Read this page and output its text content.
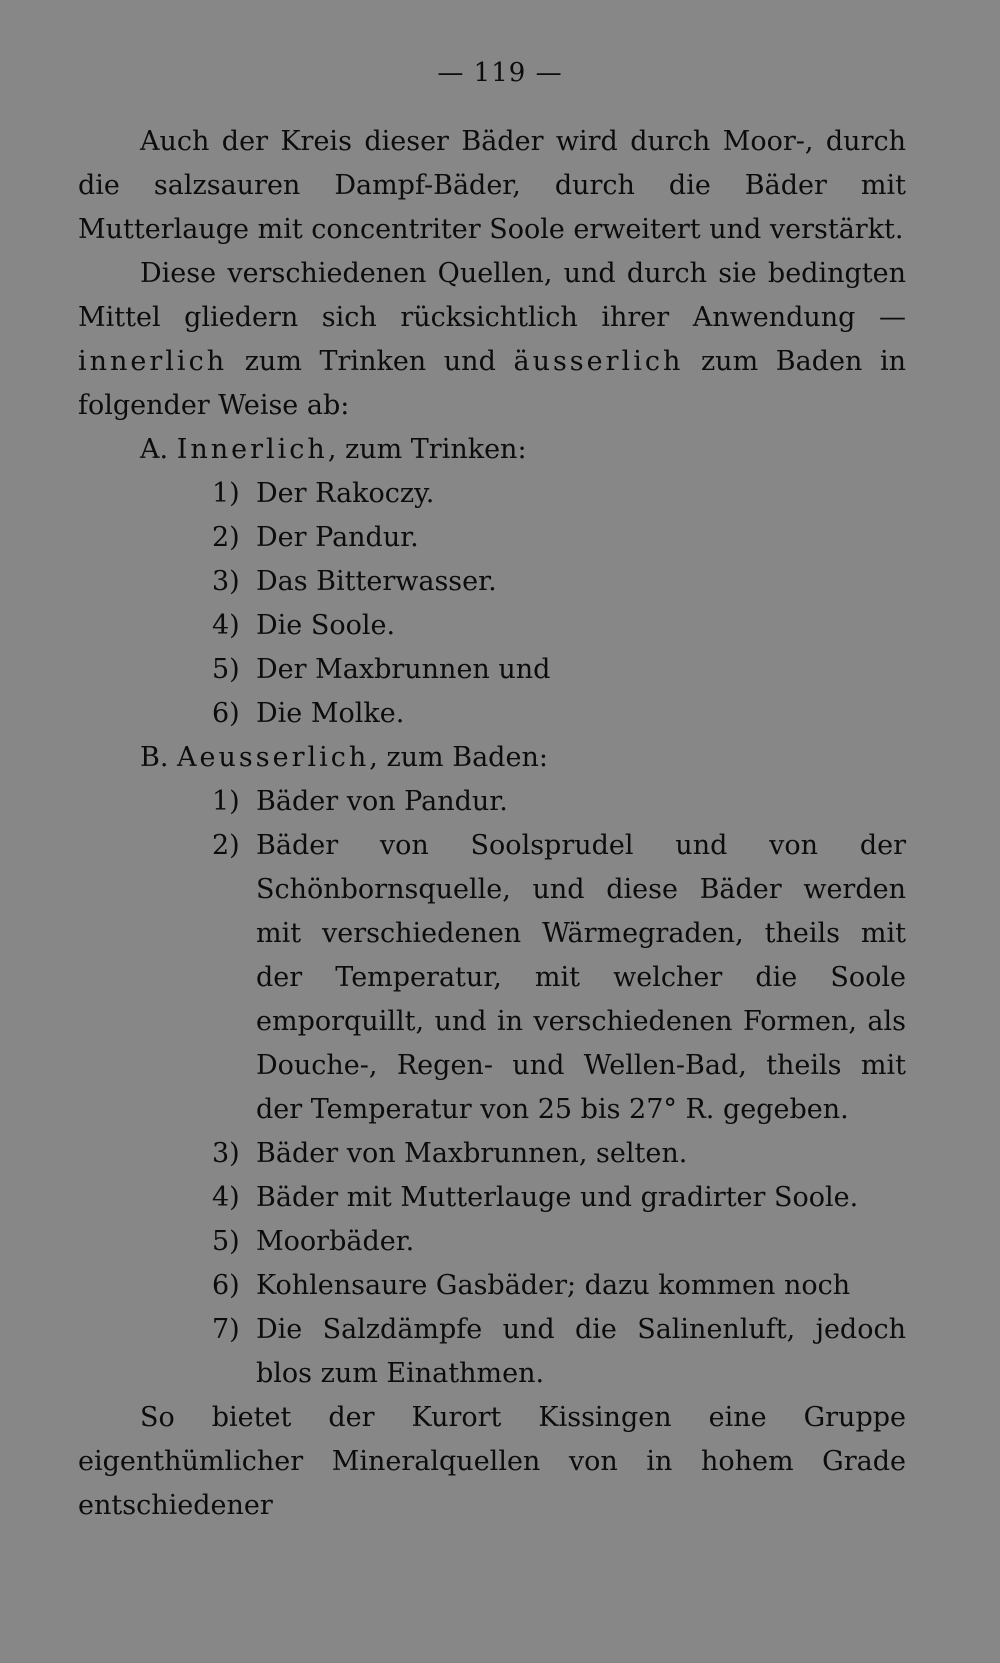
— 119 —

Auch der Kreis dieser Bäder wird durch Moor-, durch die salzsauren Dampf-Bäder, durch die Bäder mit Mutterlauge mit concentriter Soole erweitert und verstärkt.

Diese verschiedenen Quellen, und durch sie bedingten Mittel gliedern sich rücksichtlich ihrer Anwendung — innerlich zum Trinken und äusserlich zum Baden in folgender Weise ab:

A. Innerlich, zum Trinken:

1) Der Rakoczy.

2) Der Pandur.

3) Das Bitterwasser.

4) Die Soole.

5) Der Maxbrunnen und

6) Die Molke.

B. Aeusserlich, zum Baden:

1) Bäder von Pandur.

2) Bäder von Soolsprudel und von der Schönbornsquelle, und diese Bäder werden mit verschiedenen Wärmegraden, theils mit der Temperatur, mit welcher die Soole emporquillt, und in verschiedenen Formen, als Douche-, Regen- und Wellen-Bad, theils mit der Temperatur von 25 bis 27° R. gegeben.

3) Bäder von Maxbrunnen, selten.

4) Bäder mit Mutterlauge und gradirter Soole.

5) Moorbäder.

6) Kohlensaure Gasbäder; dazu kommen noch

7) Die Salzdämpfe und die Salinenluft, jedoch blos zum Einathmen.

So bietet der Kurort Kissingen eine Gruppe eigenthümlicher Mineralquellen von in hohem Grade entschiedener
